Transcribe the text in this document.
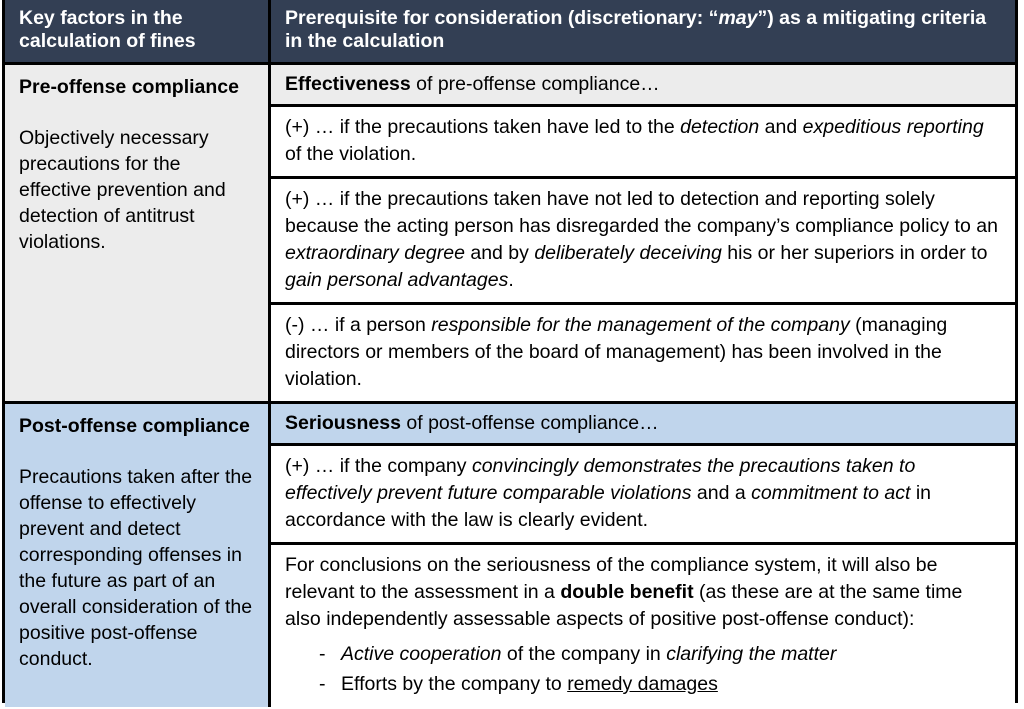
Key factors in the calculation of fines
Prerequisite for consideration (discretionary: “may”) as a mitigating criteria in the calculation
Pre-offense compliance
Objectively necessary precautions for the effective prevention and detection of antitrust violations.
Effectiveness of pre-offense compliance…
(+) … if the precautions taken have led to the detection and expeditious reporting of the violation.
(+) … if the precautions taken have not led to detection and reporting solely because the acting person has disregarded the company’s compliance policy to an extraordinary degree and by deliberately deceiving his or her superiors in order to gain personal advantages.
(-) … if a person responsible for the management of the company (managing directors or members of the board of management) has been involved in the violation.
Post-offense compliance
Precautions taken after the offense to effectively prevent and detect corresponding offenses in the future as part of an overall consideration of the positive post-offense conduct.
Seriousness of post-offense compliance…
(+) … if the company convincingly demonstrates the precautions taken to effectively prevent future comparable violations and a commitment to act in accordance with the law is clearly evident.
For conclusions on the seriousness of the compliance system, it will also be relevant to the assessment in a double benefit (as these are at the same time also independently assessable aspects of positive post-offense conduct):
- Active cooperation of the company in clarifying the matter
- Efforts by the company to remedy damages
